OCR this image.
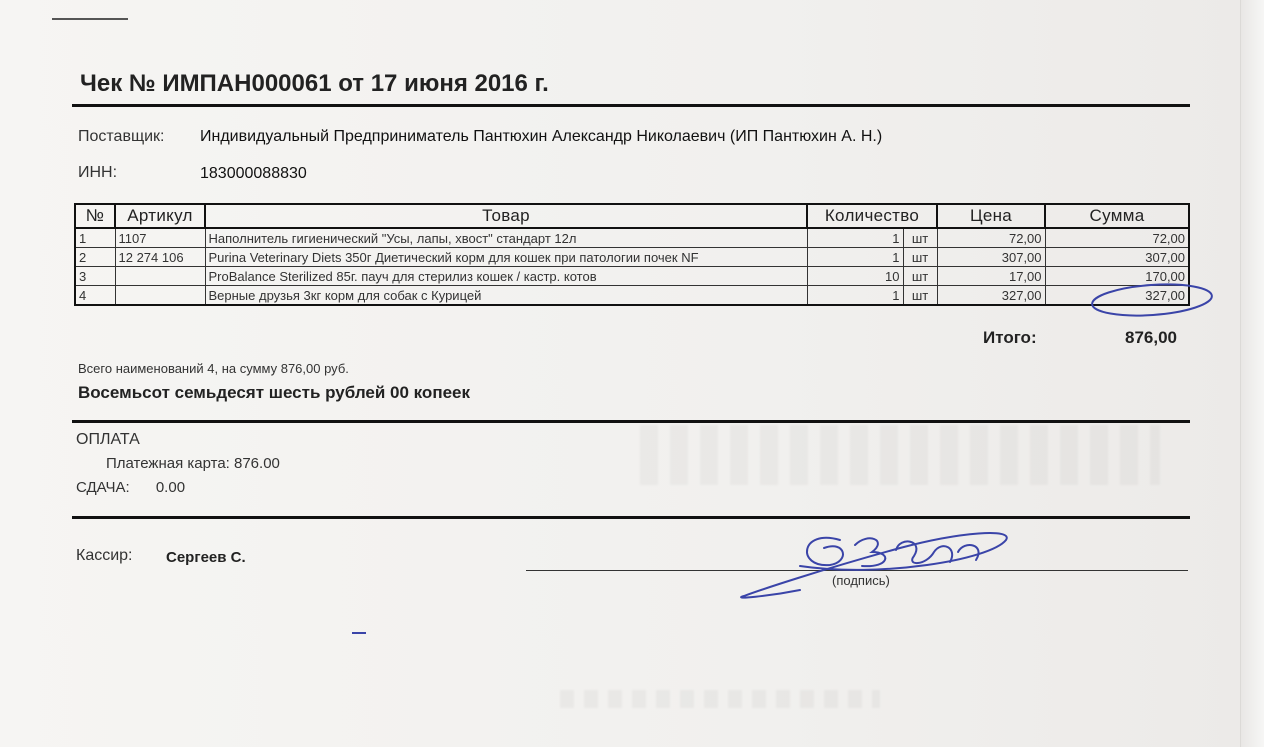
Чек № ИМПАН000061 от 17 июня 2016 г.
Поставщик: Индивидуальный Предприниматель Пантюхин Александр Николаевич (ИП Пантюхин А. Н.)
ИНН:	183000088830
№	Артикул	Товар	Количество		Цена	Сумма
1	1107	Наполнитель гигиенический "Усы, лапы, хвост" стандарт 12л	1	шт	72,00	72,00
2	12 274 106	Purina Veterinary Diets 350г Диетический корм для кошек при патологии почек NF	1	шт	307,00	307,00
3		ProBalance Sterilized 85г. пауч для стерилиз кошек / кастр. котов	10	шт	17,00	170,00
4		Верные друзья 3кг корм для собак с Курицей	1	шт	327,00	327,00
Итого:	876,00
Всего наименований 4, на сумму 876,00 руб.
Восемьсот семьдесят шесть рублей 00 копеек
ОПЛАТА
Платежная карта: 876.00
СДАЧА: 0.00
Кассир: Сергеев С.
(подпись)
